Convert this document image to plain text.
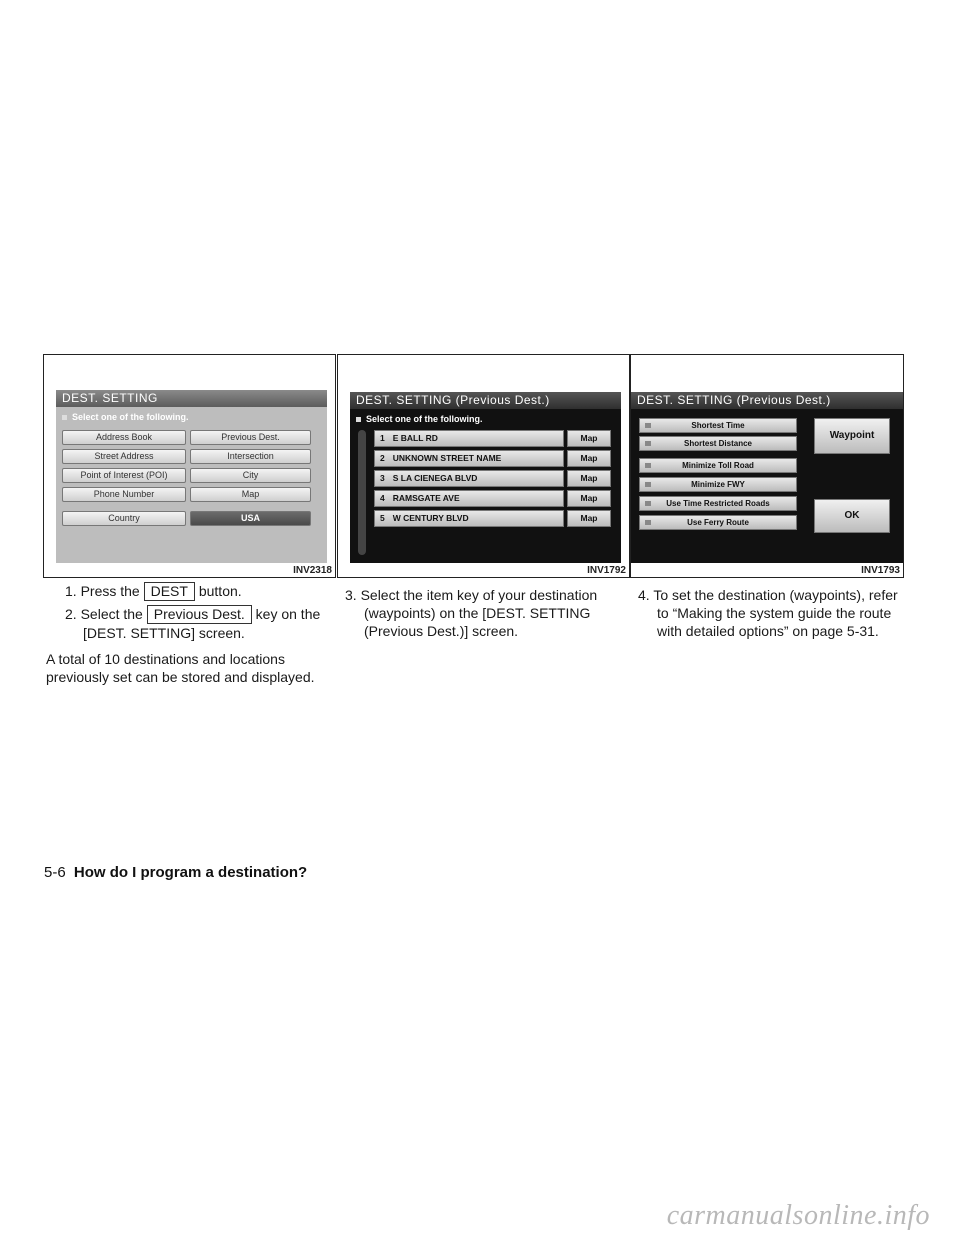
DEST. SETTING
Select one of the following.
Address Book	Previous Dest.
Street Address	Intersection
Point of Interest (POI)	City
Phone Number	Map
Country	USA
INV2318
DEST. SETTING (Previous Dest.)
Select one of the following.
1 E BALL RD	Map
2 UNKNOWN STREET NAME	Map
3 S LA CIENEGA BLVD	Map
4 RAMSGATE AVE	Map
5 W CENTURY BLVD	Map
INV1792
DEST. SETTING (Previous Dest.)
Shortest Time
Shortest Distance
Minimize Toll Road
Minimize FWY
Use Time Restricted Roads
Use Ferry Route
Waypoint
OK
INV1793
1. Press the DEST button.
2. Select the Previous Dest. key on the [DEST. SETTING] screen.

A total of 10 destinations and locations previously set can be stored and displayed.

3. Select the item key of your destination (waypoints) on the [DEST. SETTING (Previous Dest.)] screen.
4. To set the destination (waypoints), refer to “Making the system guide the route with detailed options” on page 5-31.
5-6 How do I program a destination?
carmanualsonline.info
